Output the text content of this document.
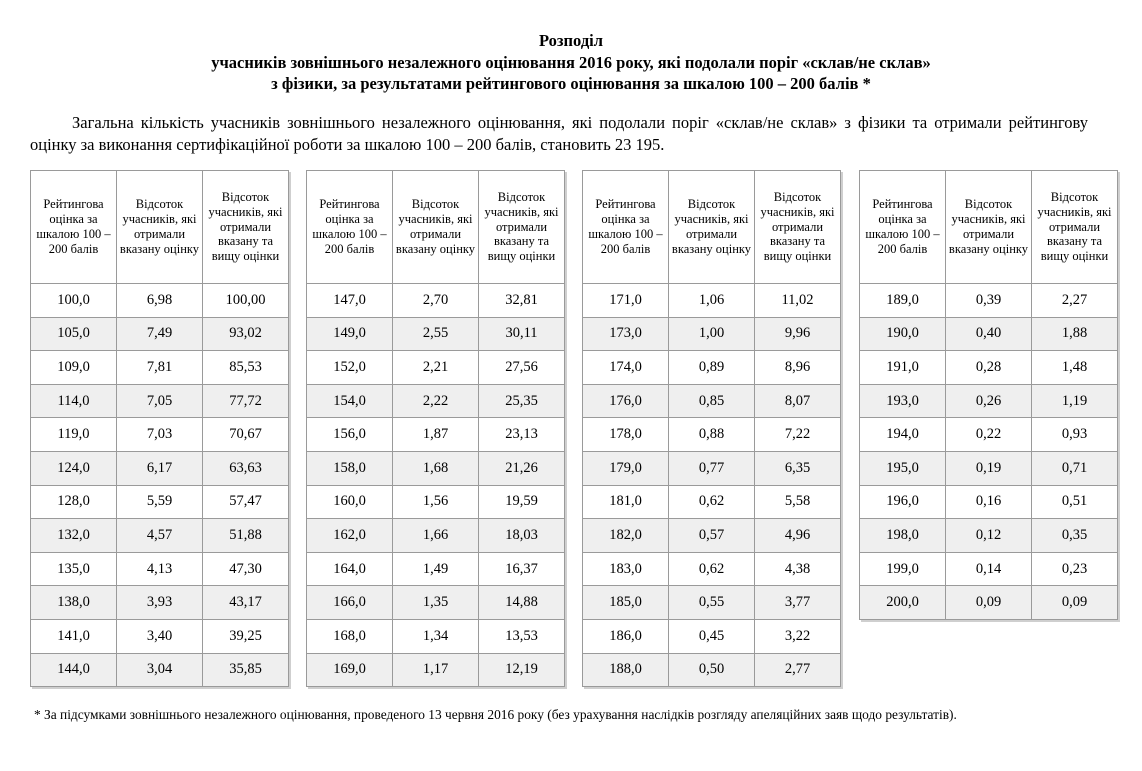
Розподіл
учасників зовнішнього незалежного оцінювання 2016 року, які подолали поріг «склав/не склав»
з фізики, за результатами рейтингового оцінювання за шкалою 100 – 200 балів *
Загальна кількість учасників зовнішнього незалежного оцінювання, які подолали поріг «склав/не склав» з фізики та отримали рейтингову оцінку за виконання сертифікаційної роботи за шкалою 100 – 200 балів, становить 23 195.
Рейтингова оцінка за шкалою 100 – 200 балів	Відсоток учасників, які отримали вказану оцінку	Відсоток учасників, які отримали вказану та вищу оцінки
100,0	6,98	100,00
105,0	7,49	93,02
109,0	7,81	85,53
114,0	7,05	77,72
119,0	7,03	70,67
124,0	6,17	63,63
128,0	5,59	57,47
132,0	4,57	51,88
135,0	4,13	47,30
138,0	3,93	43,17
141,0	3,40	39,25
144,0	3,04	35,85
Рейтингова оцінка за шкалою 100 – 200 балів	Відсоток учасників, які отримали вказану оцінку	Відсоток учасників, які отримали вказану та вищу оцінки
147,0	2,70	32,81
149,0	2,55	30,11
152,0	2,21	27,56
154,0	2,22	25,35
156,0	1,87	23,13
158,0	1,68	21,26
160,0	1,56	19,59
162,0	1,66	18,03
164,0	1,49	16,37
166,0	1,35	14,88
168,0	1,34	13,53
169,0	1,17	12,19
Рейтингова оцінка за шкалою 100 – 200 балів	Відсоток учасників, які отримали вказану оцінку	Відсоток учасників, які отримали вказану та вищу оцінки
171,0	1,06	11,02
173,0	1,00	9,96
174,0	0,89	8,96
176,0	0,85	8,07
178,0	0,88	7,22
179,0	0,77	6,35
181,0	0,62	5,58
182,0	0,57	4,96
183,0	0,62	4,38
185,0	0,55	3,77
186,0	0,45	3,22
188,0	0,50	2,77
Рейтингова оцінка за шкалою 100 – 200 балів	Відсоток учасників, які отримали вказану оцінку	Відсоток учасників, які отримали вказану та вищу оцінки
189,0	0,39	2,27
190,0	0,40	1,88
191,0	0,28	1,48
193,0	0,26	1,19
194,0	0,22	0,93
195,0	0,19	0,71
196,0	0,16	0,51
198,0	0,12	0,35
199,0	0,14	0,23
200,0	0,09	0,09
* За підсумками зовнішнього незалежного оцінювання, проведеного 13 червня 2016 року (без урахування наслідків розгляду апеляційних заяв щодо результатів).
